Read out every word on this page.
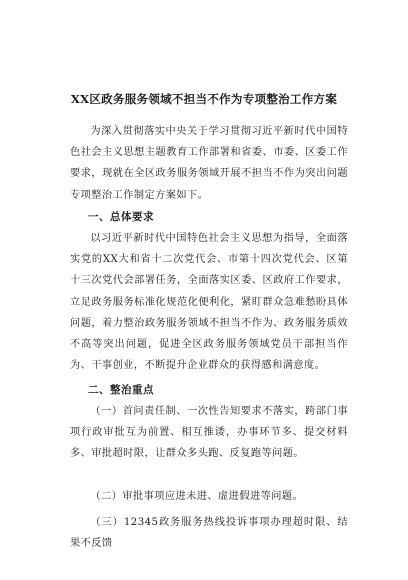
XX区政务服务领域不担当不作为专项整治工作方案

为深入贯彻落实中央关于学习贯彻习近平新时代中国特色社会主义思想主题教育工作部署和省委、市委、区委工作要求，现就在全区政务服务领域开展不担当不作为突出问题专项整治工作制定方案如下。

一、总体要求

以习近平新时代中国特色社会主义思想为指导，全面落实党的XX大和省十二次党代会、市第十四次党代会、区第十三次党代会部署任务，全面落实区委、区政府工作要求，立足政务服务标准化规范化便利化，紧盯群众急难愁盼具体问题，着力整治政务服务领域不担当不作为、政务服务质效不高等突出问题，促进全区政务服务领域党员干部担当作为、干事创业，不断提升企业群众的获得感和满意度。

二、整治重点

（一）首问责任制、一次性告知要求不落实，跨部门事项行政审批互为前置、相互推诿，办事环节多、提交材料多、审批超时限，让群众多头跑、反复跑等问题。

（二）审批事项应进未进、虚进假进等问题。

（三）12345政务服务热线投诉事项办理超时限、结果不反馈
